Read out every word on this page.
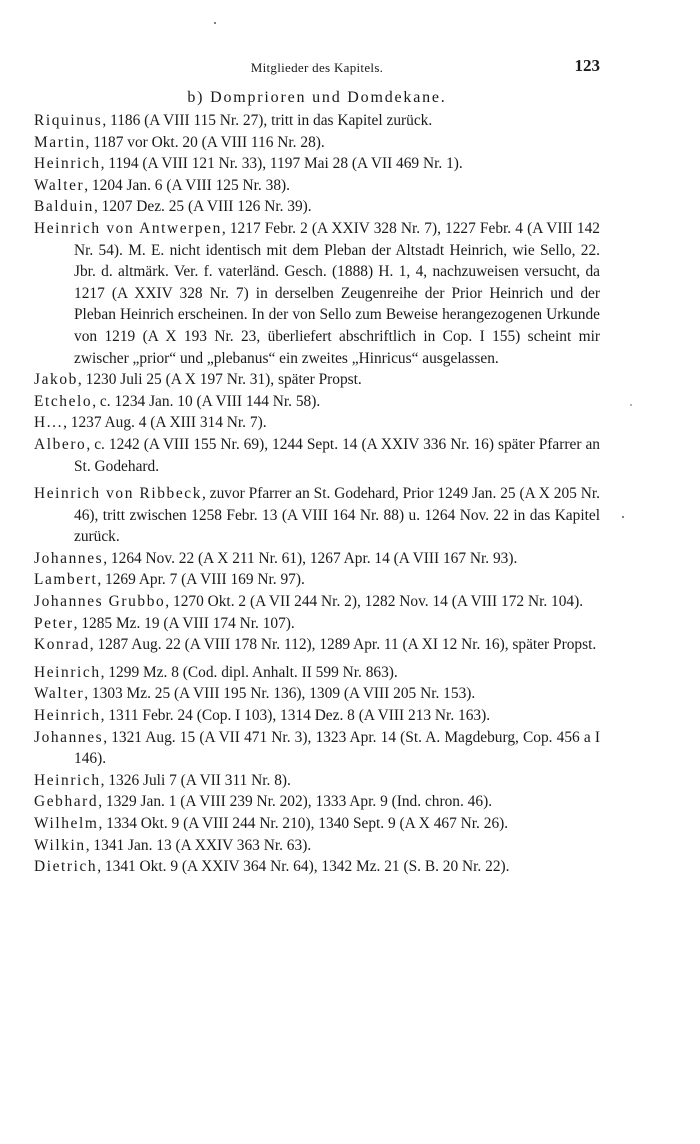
Mitglieder des Kapitels.	123
b) Domprioren und Domdekane.

Riquinus, 1186 (A VIII 115 Nr. 27), tritt in das Kapitel zurück.

Martin, 1187 vor Okt. 20 (A VIII 116 Nr. 28).

Heinrich, 1194 (A VIII 121 Nr. 33), 1197 Mai 28 (A VII 469 Nr. 1).

Walter, 1204 Jan. 6 (A VIII 125 Nr. 38).

Balduin, 1207 Dez. 25 (A VIII 126 Nr. 39).

Heinrich von Antwerpen, 1217 Febr. 2 (A XXIV 328 Nr. 7), 1227 Febr. 4 (A VIII 142 Nr. 54). M. E. nicht identisch mit dem Pleban der Altstadt Heinrich, wie Sello, 22. Jbr. d. altmärk. Ver. f. vaterländ. Gesch. (1888) H. 1, 4, nachzuweisen versucht, da 1217 (A XXIV 328 Nr. 7) in derselben Zeugenreihe der Prior Heinrich und der Pleban Heinrich erscheinen. In der von Sello zum Beweise herangezogenen Urkunde von 1219 (A X 193 Nr. 23, überliefert abschriftlich in Cop. I 155) scheint mir zwischer „prior“ und „plebanus“ ein zweites „Hinricus“ ausgelassen.

Jakob, 1230 Juli 25 (A X 197 Nr. 31), später Propst.

Etchelo, c. 1234 Jan. 10 (A VIII 144 Nr. 58).

H..., 1237 Aug. 4 (A XIII 314 Nr. 7).

Albero, c. 1242 (A VIII 155 Nr. 69), 1244 Sept. 14 (A XXIV 336 Nr. 16) später Pfarrer an St. Godehard.

Heinrich von Ribbeck, zuvor Pfarrer an St. Godehard, Prior 1249 Jan. 25 (A X 205 Nr. 46), tritt zwischen 1258 Febr. 13 (A VIII 164 Nr. 88) u. 1264 Nov. 22 in das Kapitel zurück.

Johannes, 1264 Nov. 22 (A X 211 Nr. 61), 1267 Apr. 14 (A VIII 167 Nr. 93).

Lambert, 1269 Apr. 7 (A VIII 169 Nr. 97).

Johannes Grubbo, 1270 Okt. 2 (A VII 244 Nr. 2), 1282 Nov. 14 (A VIII 172 Nr. 104).

Peter, 1285 Mz. 19 (A VIII 174 Nr. 107).

Konrad, 1287 Aug. 22 (A VIII 178 Nr. 112), 1289 Apr. 11 (A XI 12 Nr. 16), später Propst.

Heinrich, 1299 Mz. 8 (Cod. dipl. Anhalt. II 599 Nr. 863).

Walter, 1303 Mz. 25 (A VIII 195 Nr. 136), 1309 (A VIII 205 Nr. 153).

Heinrich, 1311 Febr. 24 (Cop. I 103), 1314 Dez. 8 (A VIII 213 Nr. 163).

Johannes, 1321 Aug. 15 (A VII 471 Nr. 3), 1323 Apr. 14 (St. A. Magdeburg, Cop. 456 a I 146).

Heinrich, 1326 Juli 7 (A VII 311 Nr. 8).

Gebhard, 1329 Jan. 1 (A VIII 239 Nr. 202), 1333 Apr. 9 (Ind. chron. 46).

Wilhelm, 1334 Okt. 9 (A VIII 244 Nr. 210), 1340 Sept. 9 (A X 467 Nr. 26).

Wilkin, 1341 Jan. 13 (A XXIV 363 Nr. 63).

Dietrich, 1341 Okt. 9 (A XXIV 364 Nr. 64), 1342 Mz. 21 (S. B. 20 Nr. 22).
